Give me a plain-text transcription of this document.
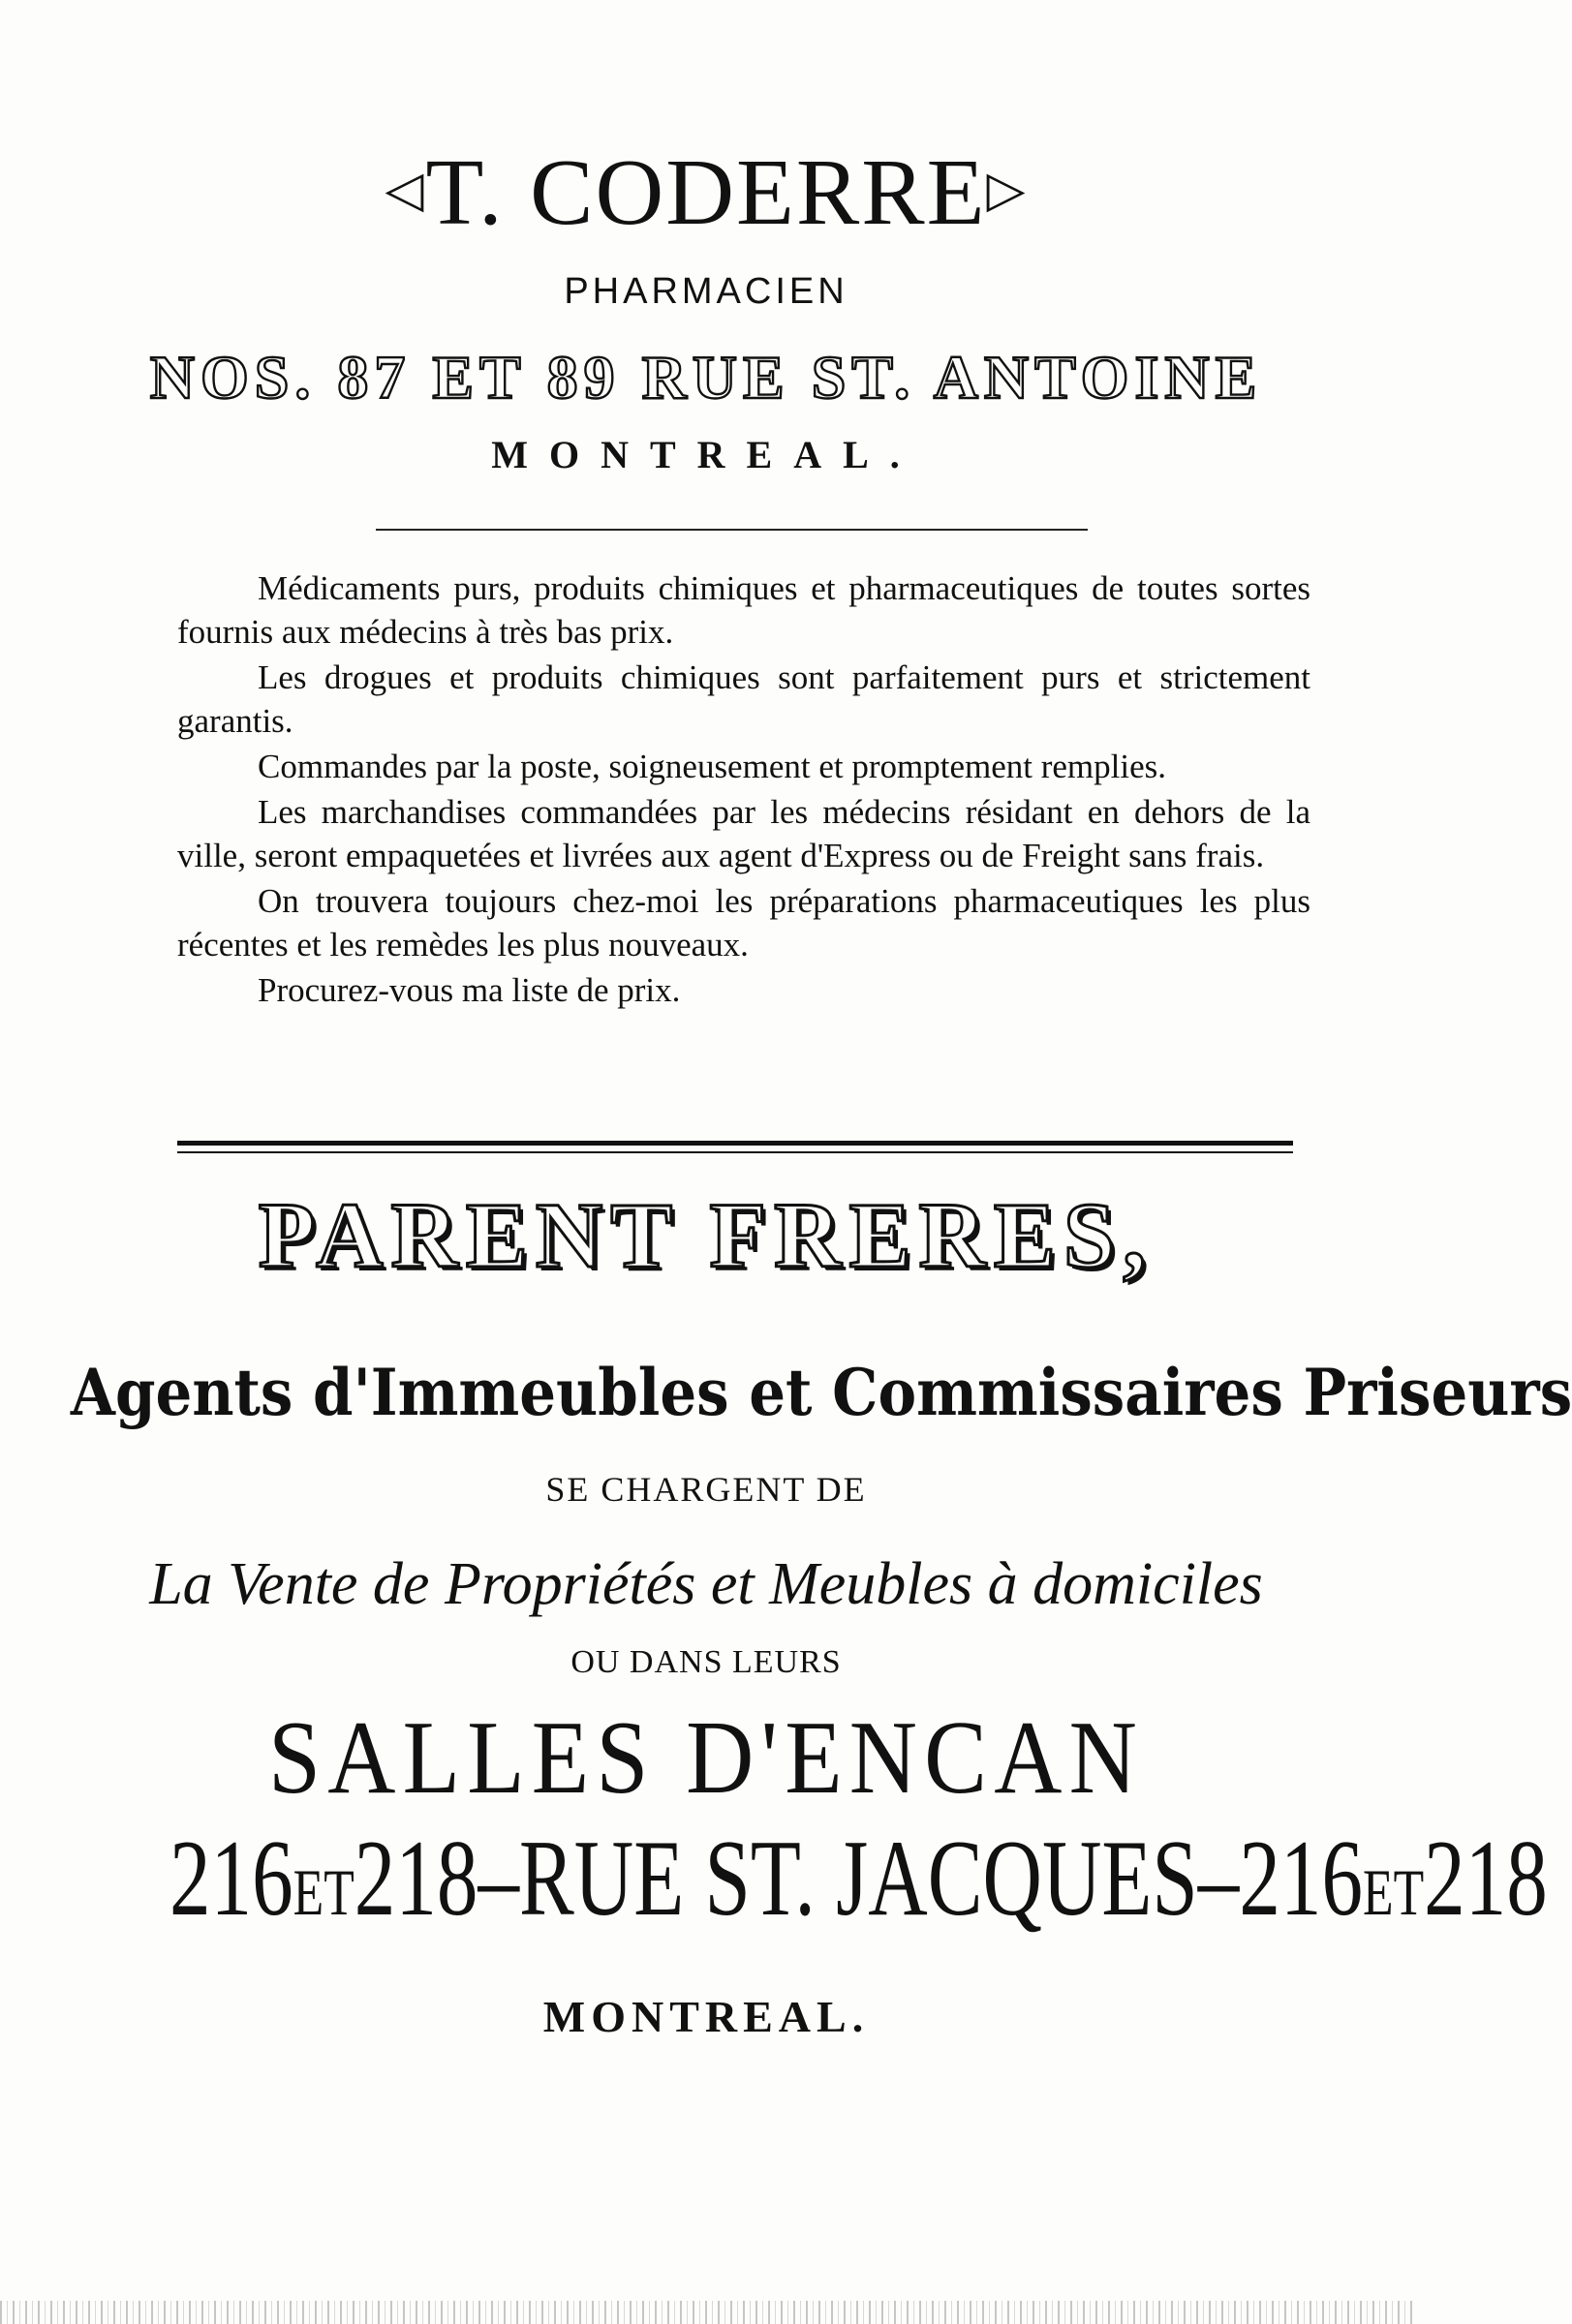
◁T. CODERRE▷
PHARMACIEN
NOS. 87 ET 89 RUE ST. ANTOINE
MONTREAL.

Médicaments purs, produits chimiques et pharmaceutiques de toutes sortes fournis aux médecins à très bas prix.

Les drogues et produits chimiques sont parfaitement purs et strictement garantis.

Commandes par la poste, soigneusement et promptement remplies.

Les marchandises commandées par les médecins résidant en dehors de la ville, seront empaquetées et livrées aux agent d'Express ou de Freight sans frais.

On trouvera toujours chez-moi les préparations pharmaceutiques les plus récentes et les remèdes les plus nouveaux.

Procurez-vous ma liste de prix.

PARENT FRERES,
Agents d'Immeubles et Commissaires Priseurs
SE CHARGENT DE
La Vente de Propriétés et Meubles à domiciles
OU DANS LEURS
SALLES D'ENCAN
216ET218–RUE ST. JACQUES–216ET218
MONTREAL.
